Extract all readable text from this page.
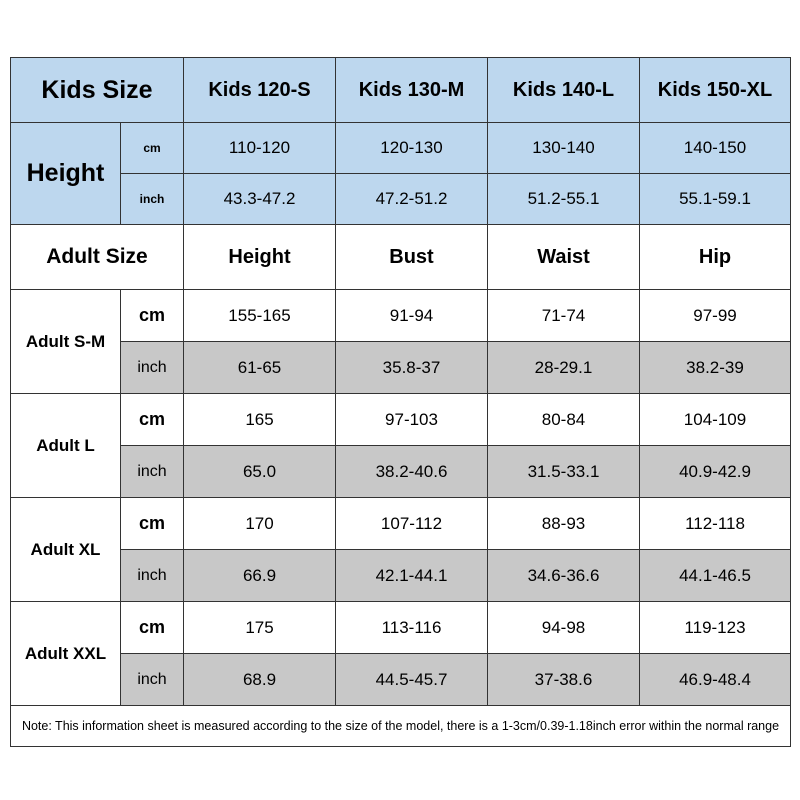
Kids Size		Kids 120-S	Kids 130-M	Kids 140-L	Kids 150-XL
Height	cm	110-120	120-130	130-140	140-150
	inch	43.3-47.2	47.2-51.2	51.2-55.1	55.1-59.1
Adult Size		Height	Bust	Waist	Hip
Adult S-M	cm	155-165	91-94	71-74	97-99
	inch	61-65	35.8-37	28-29.1	38.2-39
Adult L	cm	165	97-103	80-84	104-109
	inch	65.0	38.2-40.6	31.5-33.1	40.9-42.9
Adult XL	cm	170	107-112	88-93	112-118
	inch	66.9	42.1-44.1	34.6-36.6	44.1-46.5
Adult XXL	cm	175	113-116	94-98	119-123
	inch	68.9	44.5-45.7	37-38.6	46.9-48.4
Note: This information sheet is measured according to the size of the model, there is a 1-3cm/0.39-1.18inch error within the normal range					
